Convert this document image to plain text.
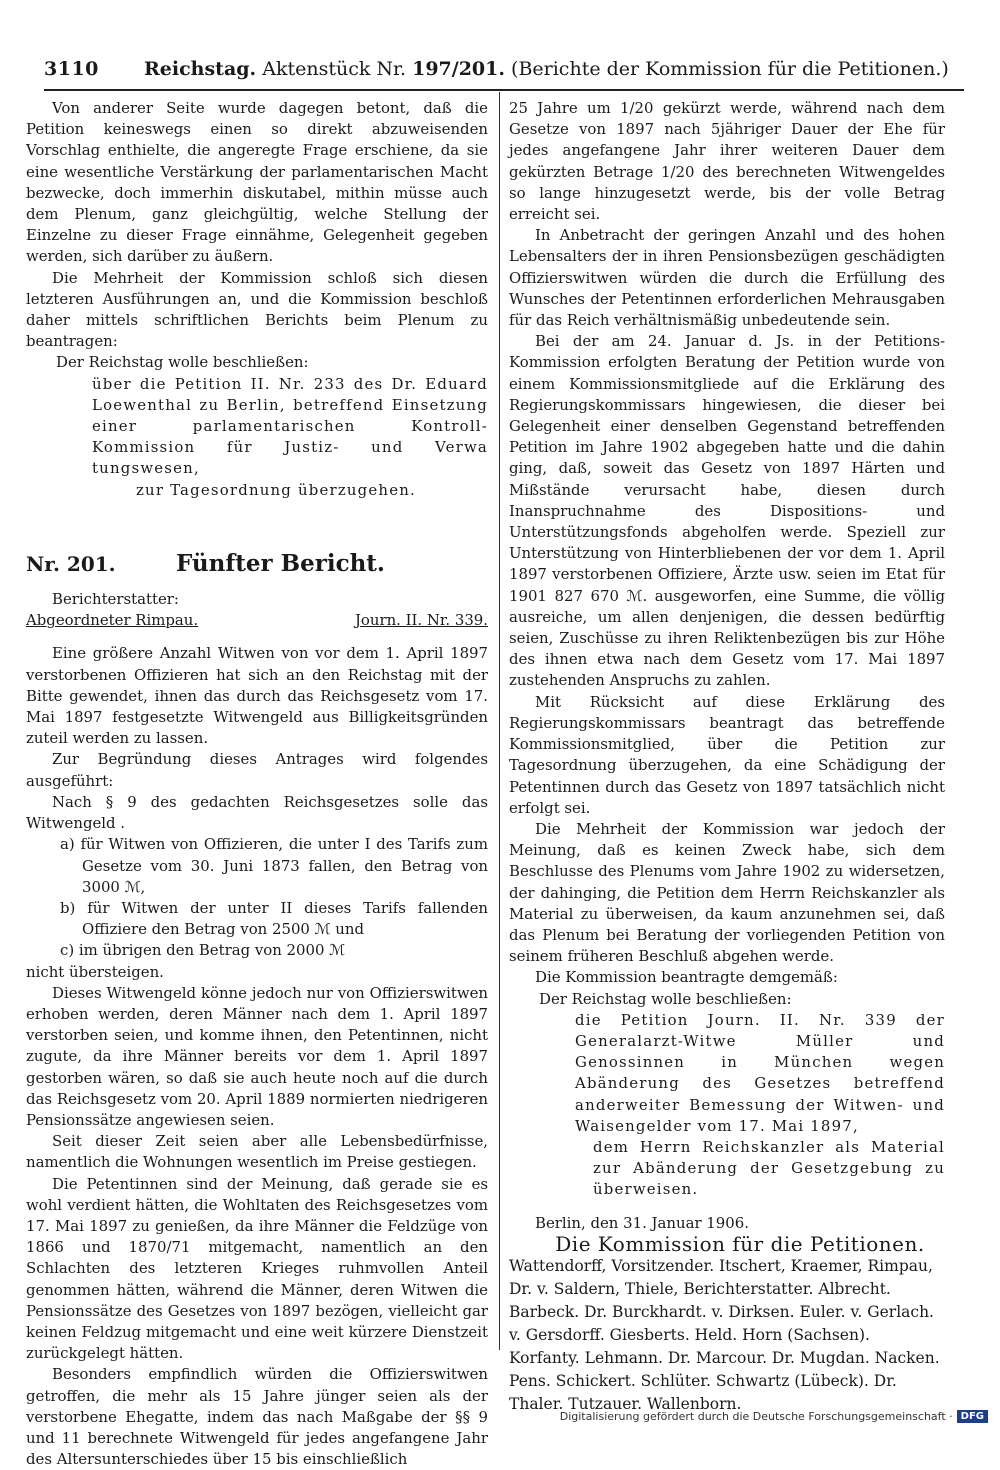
3110 Reichstag. Aktenstück Nr. 197/201. (Berichte der Kommission für die Petitionen.)

Von anderer Seite wurde dagegen betont, daß die Petition keineswegs einen so direkt abzuweisenden Vorschlag enthielte, die angeregte Frage erschiene, da sie eine wesentliche Verstärkung der parlamentarischen Macht bezwecke, doch immerhin diskutabel, mithin müsse auch dem Plenum, ganz gleichgültig, welche Stellung der Einzelne zu dieser Frage einnähme, Gelegenheit gegeben werden, sich darüber zu äußern.

Die Mehrheit der Kommission schloß sich diesen letzteren Ausführungen an, und die Kommission beschloß daher mittels schriftlichen Berichts beim Plenum zu beantragen:

Der Reichstag wolle beschließen:

über die Petition II. Nr. 233 des Dr. Eduard Loewenthal zu Berlin, betreffend Einsetzung einer parlamentarischen Kontroll-Kommission für Justiz- und Verwa tungswesen,

zur Tagesordnung überzugehen.

Nr. 201.	Fünfter Bericht.

Berichterstatter:

Abgeordneter Rimpau.	Journ. II. Nr. 339.

Eine größere Anzahl Witwen von vor dem 1. April 1897 verstorbenen Offizieren hat sich an den Reichstag mit der Bitte gewendet, ihnen das durch das Reichsgesetz vom 17. Mai 1897 festgesetzte Witwengeld aus Billigkeitsgründen zuteil werden zu lassen.

Zur Begründung dieses Antrages wird folgendes ausgeführt:

Nach § 9 des gedachten Reichsgesetzes solle das Witwengeld .

a) für Witwen von Offizieren, die unter I des Tarifs zum Gesetze vom 30. Juni 1873 fallen, den Betrag von 3000 ℳ,

b) für Witwen der unter II dieses Tarifs fallenden Offiziere den Betrag von 2500 ℳ und

c) im übrigen den Betrag von 2000 ℳ

nicht übersteigen.

Dieses Witwengeld könne jedoch nur von Offizierswitwen erhoben werden, deren Männer nach dem 1. April 1897 verstorben seien, und komme ihnen, den Petentinnen, nicht zugute, da ihre Männer bereits vor dem 1. April 1897 gestorben wären, so daß sie auch heute noch auf die durch das Reichsgesetz vom 20. April 1889 normierten niedrigeren Pensionssätze angewiesen seien.

Seit dieser Zeit seien aber alle Lebensbedürfnisse, namentlich die Wohnungen wesentlich im Preise gestiegen.

Die Petentinnen sind der Meinung, daß gerade sie es wohl verdient hätten, die Wohltaten des Reichsgesetzes vom 17. Mai 1897 zu genießen, da ihre Männer die Feldzüge von 1866 und 1870/71 mitgemacht, namentlich an den Schlachten des letzteren Krieges ruhmvollen Anteil genommen hätten, während die Männer, deren Witwen die Pensionssätze des Gesetzes von 1897 bezögen, vielleicht gar keinen Feldzug mitgemacht und eine weit kürzere Dienstzeit zurückgelegt hätten.

Besonders empfindlich würden die Offizierswitwen getroffen, die mehr als 15 Jahre jünger seien als der verstorbene Ehegatte, indem das nach Maßgabe der §§ 9 und 11 berechnete Witwengeld für jedes angefangene Jahr des Altersunterschiedes über 15 bis einschließlich

25 Jahre um 1/20 gekürzt werde, während nach dem Gesetze von 1897 nach 5jähriger Dauer der Ehe für jedes angefangene Jahr ihrer weiteren Dauer dem gekürzten Betrage 1/20 des berechneten Witwengeldes so lange hinzugesetzt werde, bis der volle Betrag erreicht sei.

In Anbetracht der geringen Anzahl und des hohen Lebensalters der in ihren Pensionsbezügen geschädigten Offizierswitwen würden die durch die Erfüllung des Wunsches der Petentinnen erforderlichen Mehrausgaben für das Reich verhältnismäßig unbedeutende sein.

Bei der am 24. Januar d. Js. in der Petitions-Kommission erfolgten Beratung der Petition wurde von einem Kommissionsmitgliede auf die Erklärung des Regierungskommissars hingewiesen, die dieser bei Gelegenheit einer denselben Gegenstand betreffenden Petition im Jahre 1902 abgegeben hatte und die dahin ging, daß, soweit das Gesetz von 1897 Härten und Mißstände verursacht habe, diesen durch Inanspruchnahme des Dispositions- und Unterstützungsfonds abgeholfen werde. Speziell zur Unterstützung von Hinterbliebenen der vor dem 1. April 1897 verstorbenen Offiziere, Ärzte usw. seien im Etat für 1901 827 670 ℳ. ausgeworfen, eine Summe, die völlig ausreiche, um allen denjenigen, die dessen bedürftig seien, Zuschüsse zu ihren Reliktenbezügen bis zur Höhe des ihnen etwa nach dem Gesetz vom 17. Mai 1897 zustehenden Anspruchs zu zahlen.

Mit Rücksicht auf diese Erklärung des Regierungskommissars beantragt das betreffende Kommissionsmitglied, über die Petition zur Tagesordnung überzugehen, da eine Schädigung der Petentinnen durch das Gesetz von 1897 tatsächlich nicht erfolgt sei.

Die Mehrheit der Kommission war jedoch der Meinung, daß es keinen Zweck habe, sich dem Beschlusse des Plenums vom Jahre 1902 zu widersetzen, der dahinging, die Petition dem Herrn Reichskanzler als Material zu überweisen, da kaum anzunehmen sei, daß das Plenum bei Beratung der vorliegenden Petition von seinem früheren Beschluß abgehen werde.

Die Kommission beantragte demgemäß:

Der Reichstag wolle beschließen:

die Petition Journ. II. Nr. 339 der Generalarzt-Witwe Müller und Genossinnen in München wegen Abänderung des Gesetzes betreffend anderweiter Bemessung der Witwen- und Waisengelder vom 17. Mai 1897,

dem Herrn Reichskanzler als Material zur Abänderung der Gesetzgebung zu überweisen.

Berlin, den 31. Januar 1906.

Die Kommission für die Petitionen.

Wattendorff, Vorsitzender. Itschert, Kraemer, Rimpau, Dr. v. Saldern, Thiele, Berichterstatter. Albrecht. Barbeck. Dr. Burckhardt. v. Dirksen. Euler. v. Gerlach. v. Gersdorff. Giesberts. Held. Horn (Sachsen). Korfanty. Lehmann. Dr. Marcour. Dr. Mugdan. Nacken. Pens. Schickert. Schlüter. Schwartz (Lübeck). Dr. Thaler. Tutzauer. Wallenborn.

Digitalisierung gefördert durch die Deutsche Forschungsgemeinschaft · DFG
